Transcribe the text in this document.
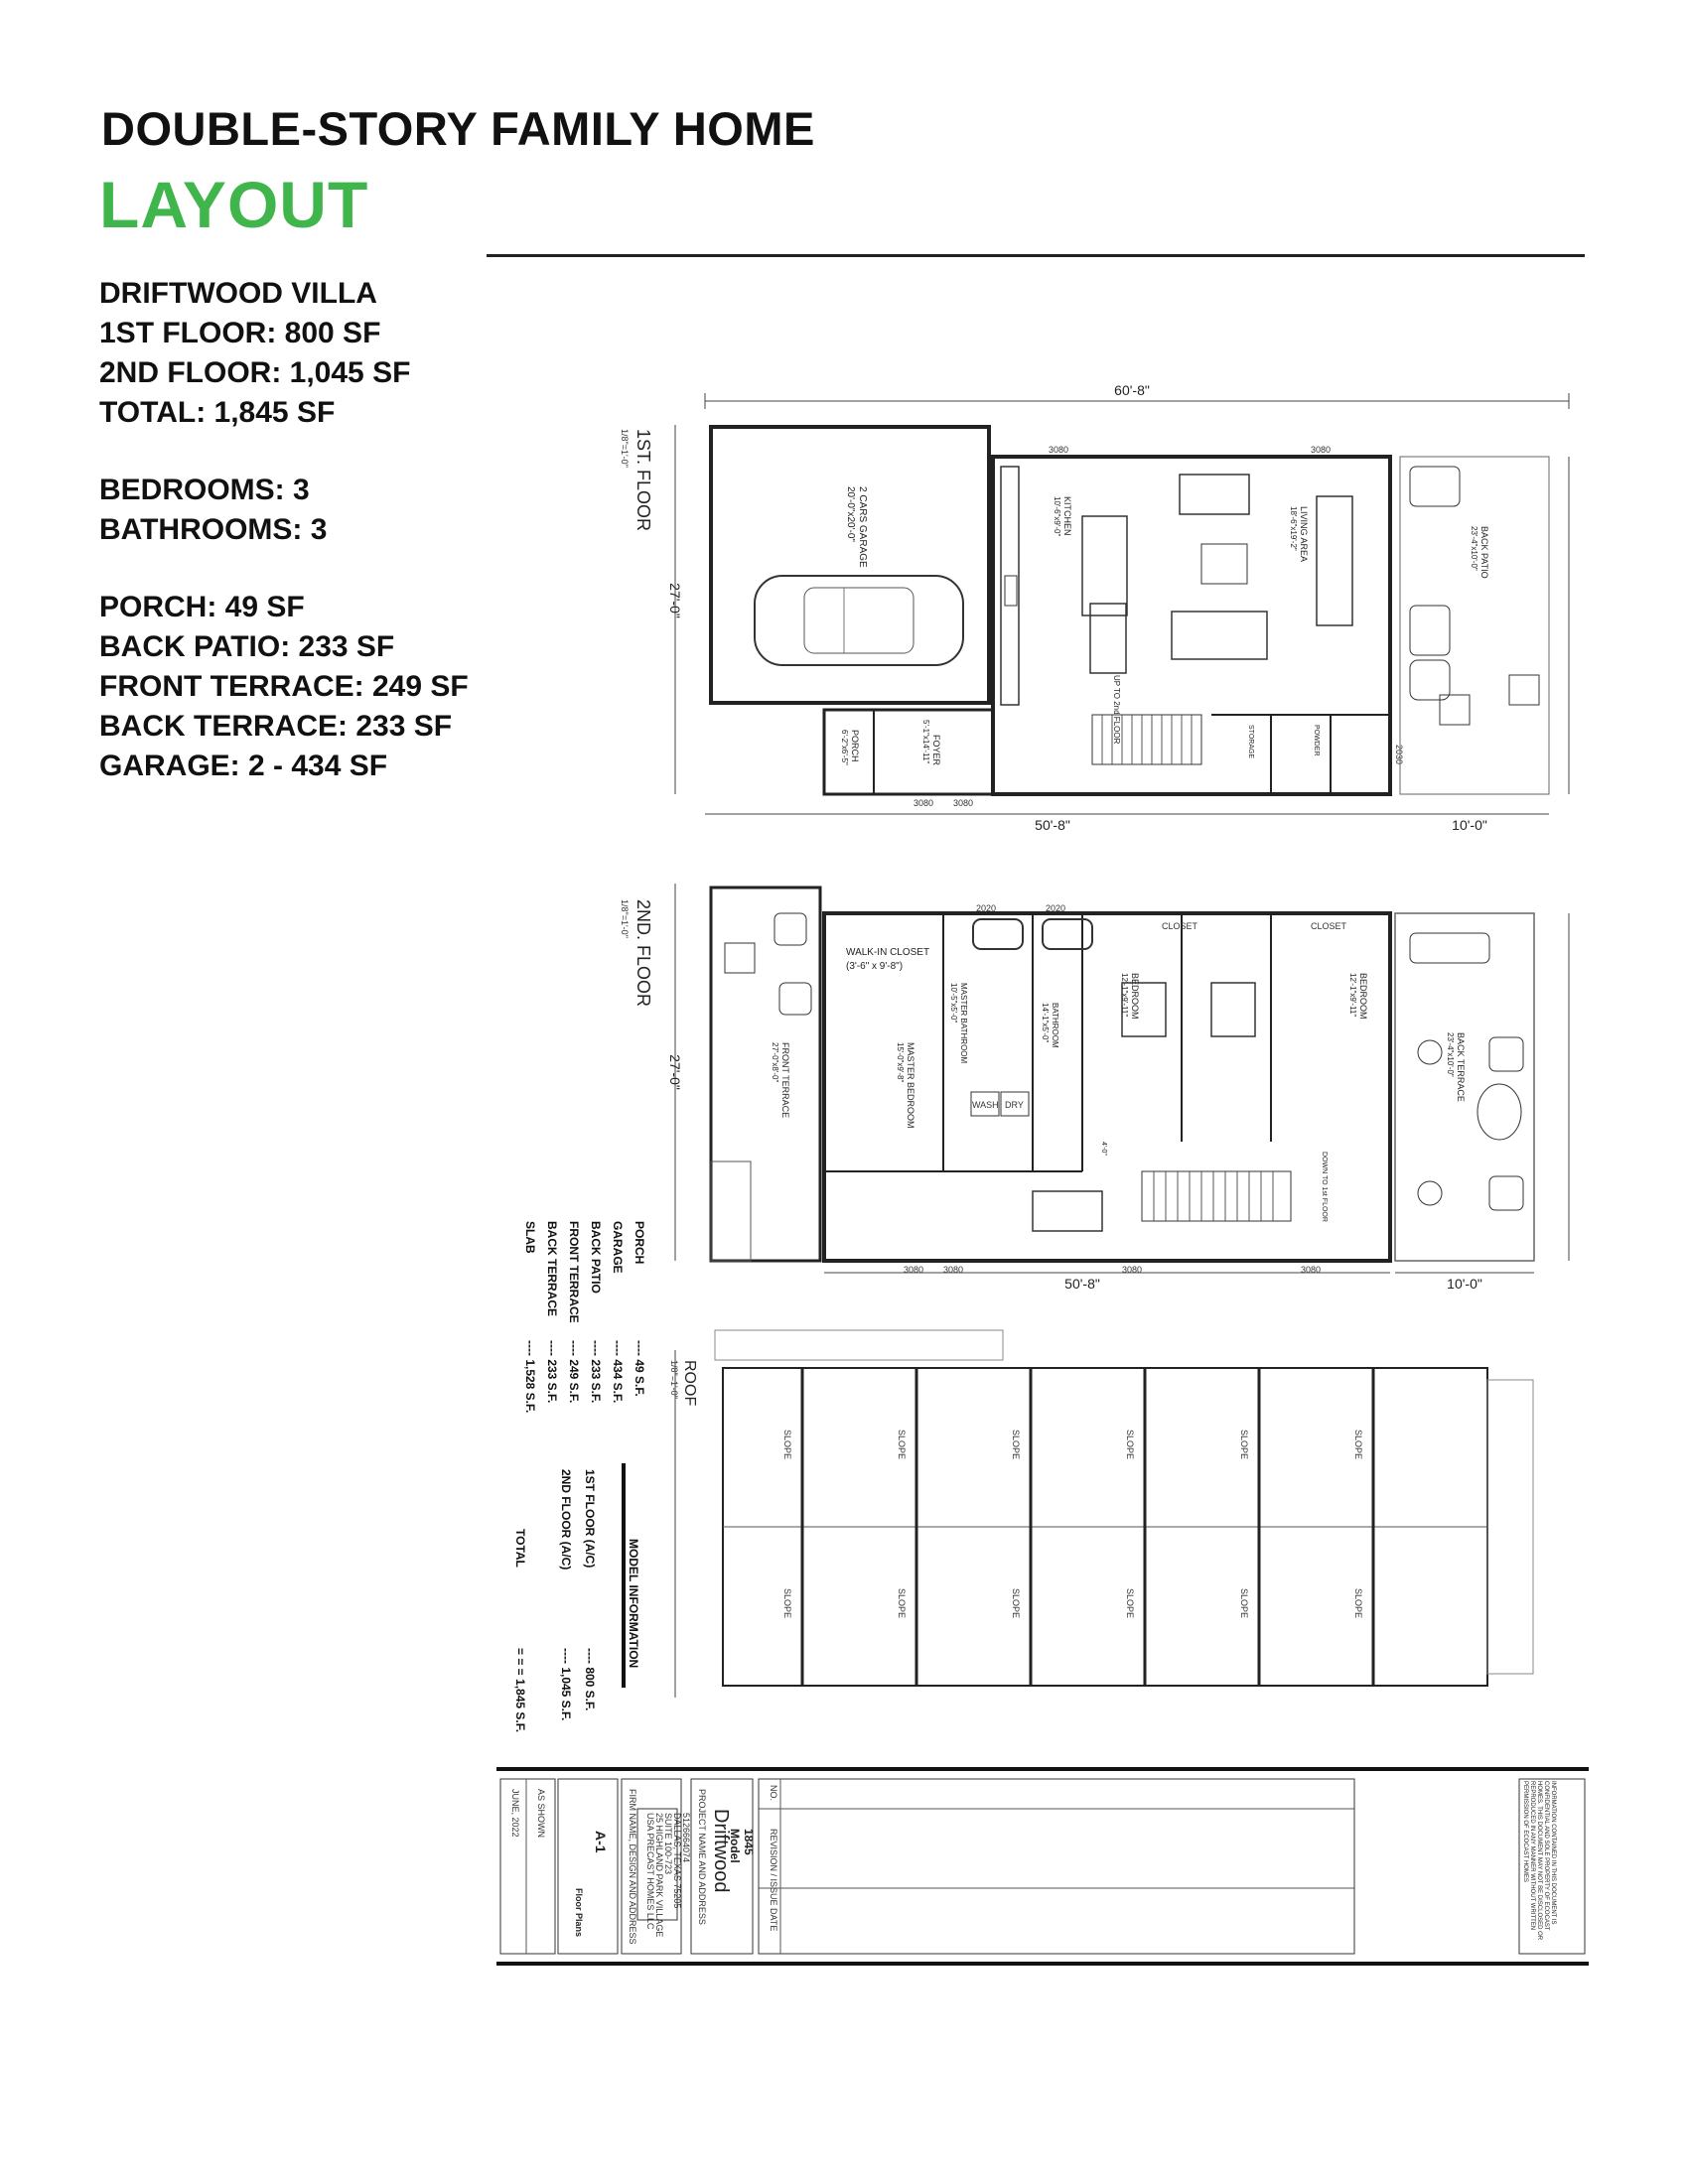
DOUBLE-STORY FAMILY HOME
LAYOUT
DRIFTWOOD VILLA
1ST FLOOR: 800 SF
2ND FLOOR: 1,045 SF
TOTAL: 1,845 SF
BEDROOMS: 3
BATHROOMS: 3
PORCH: 49 SF
BACK PATIO: 233 SF
FRONT TERRACE: 249 SF
BACK TERRACE: 233 SF
GARAGE: 2 - 434 SF
60'-8"
27'-0"
1ST. FLOOR
1/8"=1'-0"
2 CARS GARAGE
20'-0"x20'-0"
PORCH
6'-2"x6'-5"	FOYER
5'-1"x14'-11"
KITCHEN
10'-6"x9'-0"
UP TO 2nd FLOOR
LIVING AREA
18'-6"x19'-2"
STORAGE	POWDER
3080	3080
3080 3080
2030
BACK PATIO
23'-4"x10'-0"
50'-8"	10'-0"
27'-0"
2ND. FLOOR
1/8"=1'-0"
FRONT TERRACE
27'-0"x8'-0"
WALK-IN CLOSET
(3'-6" x 9'-8")
MASTER BATHROOM
10'-5"x5'-0"
MASTER BEDROOM
15'-0"x9'-8"
2020	2020
WASH DRY
BATHROOM
14'-1"x5'-0"
BEDROOM
12'-1"x9'-11"	BEDROOM
12'-1"x9'-11"
CLOSET	CLOSET
DOWN TO 1st FLOOR
4'-0"
3080 3080	3080	3080
BACK TERRACE
23'-4"x10'-0"
50'-8"	10'-0"
PORCH
---- 49 S.F.
GARAGE
---- 434 S.F.
BACK PATIO
---- 233 S.F.
FRONT TERRACE
---- 249 S.F.
BACK TERRACE
---- 233 S.F.
SLAB
---- 1,528 S.F.
MODEL INFORMATION
1ST FLOOR (A/C)
---- 800 S.F.
2ND FLOOR (A/C)
---- 1,045 S.F.
TOTAL
= = = 1,845 S.F.
ROOF
1/8"=1'-0"
SLOPE	SLOPE	SLOPE	SLOPE	SLOPE	SLOPE
SLOPE	SLOPE	SLOPE	SLOPE	SLOPE	SLOPE
JUNE, 2022 AS SHOWN
A-1
Floor Plans	FIRM NAME, DESIGN AND ADDRESS USA PRECAST HOMES LLC 25 HIGHLAND PARK VILLAGE SUITE 100-723 DALLAS, TEXAS 75205 5126664074 PROJECT NAME AND ADDRESS Driftwood
Model 1845
NO.
REVISION / ISSUE
DATE	INFORMATION CONTAINED IN THIS DOCUMENT IS CONFIDENTIAL AND SOLE PROPERTY OF ECOCAST HOMES. THIS DOCUMENT MAY NOT BE DISCLOSED OR REPRODUCED IN ANY MANNER WITHOUT WRITTEN PERMISSION OF ECOCAST HOMES
